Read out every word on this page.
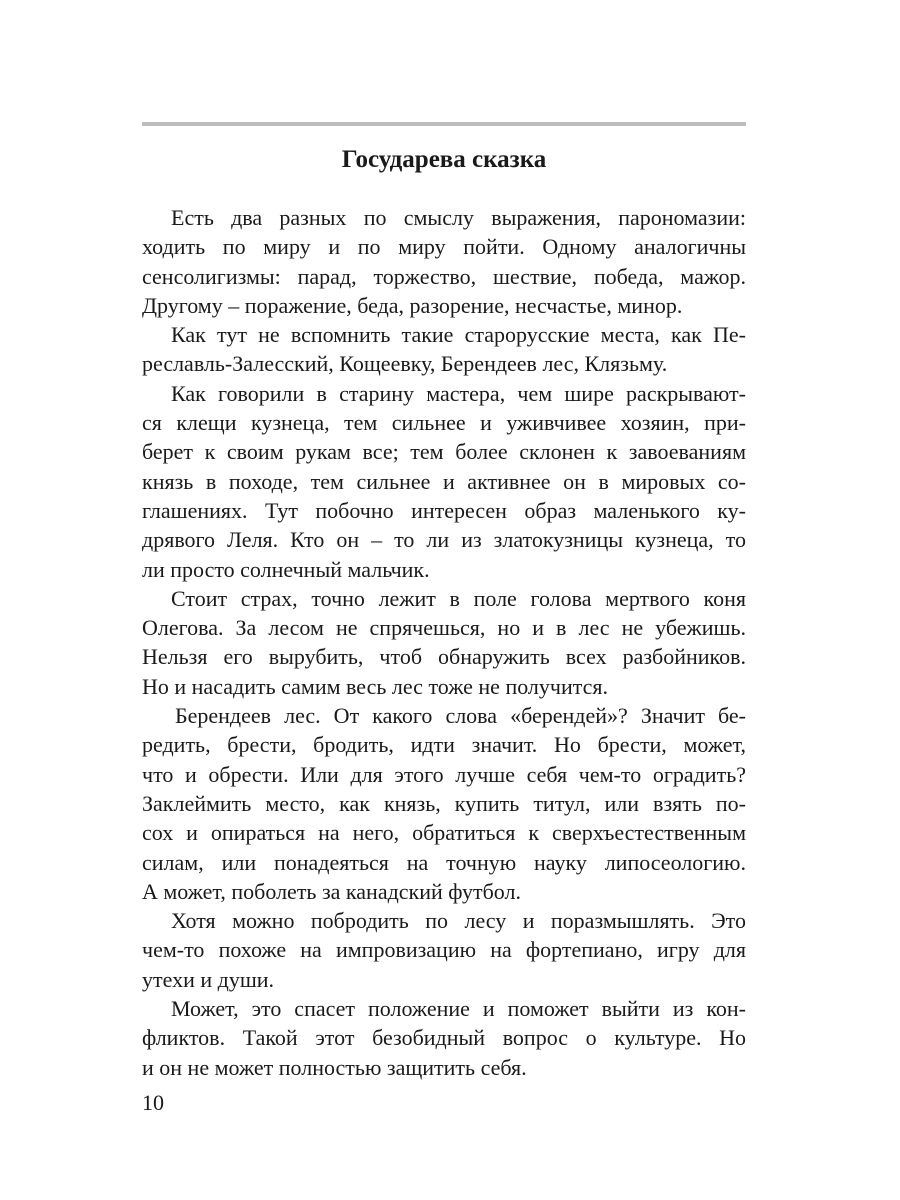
Государева сказка
Есть два разных по смыслу выражения, парономазии:
ходить по миру и по миру пойти. Одному аналогичны
сенсолигизмы: парад, торжество, шествие, победа, мажор.
Другому – поражение, беда, разорение, несчастье, минор.
Как тут не вспомнить такие старорусские места, как Пе-
реславль-Залесский, Кощеевку, Берендеев лес, Клязьму.
Как говорили в старину мастера, чем шире раскрывают-
ся клещи кузнеца, тем сильнее и уживчивее хозяин, при-
берет к своим рукам все; тем более склонен к завоеваниям
князь в походе, тем сильнее и активнее он в мировых со-
глашениях. Тут побочно интересен образ маленького ку-
дрявого Леля. Кто он – то ли из златокузницы кузнеца, то
ли просто солнечный мальчик.
Стоит страх, точно лежит в поле голова мертвого коня
Олегова. За лесом не спрячешься, но и в лес не убежишь.
Нельзя его вырубить, чтоб обнаружить всех разбойников.
Но и насадить самим весь лес тоже не получится.
Берендеев лес. От какого слова «берендей»? Значит бе-
редить, брести, бродить, идти значит. Но брести, может,
что и обрести. Или для этого лучше себя чем-то оградить?
Заклеймить место, как князь, купить титул, или взять по-
сох и опираться на него, обратиться к сверхъестественным
силам, или понадеяться на точную науку липосеологию.
А может, поболеть за канадский футбол.
Хотя можно побродить по лесу и поразмышлять. Это
чем-то похоже на импровизацию на фортепиано, игру для
утехи и души.
Может, это спасет положение и поможет выйти из кон-
фликтов. Такой этот безобидный вопрос о культуре. Но
и он не может полностью защитить себя.

10
